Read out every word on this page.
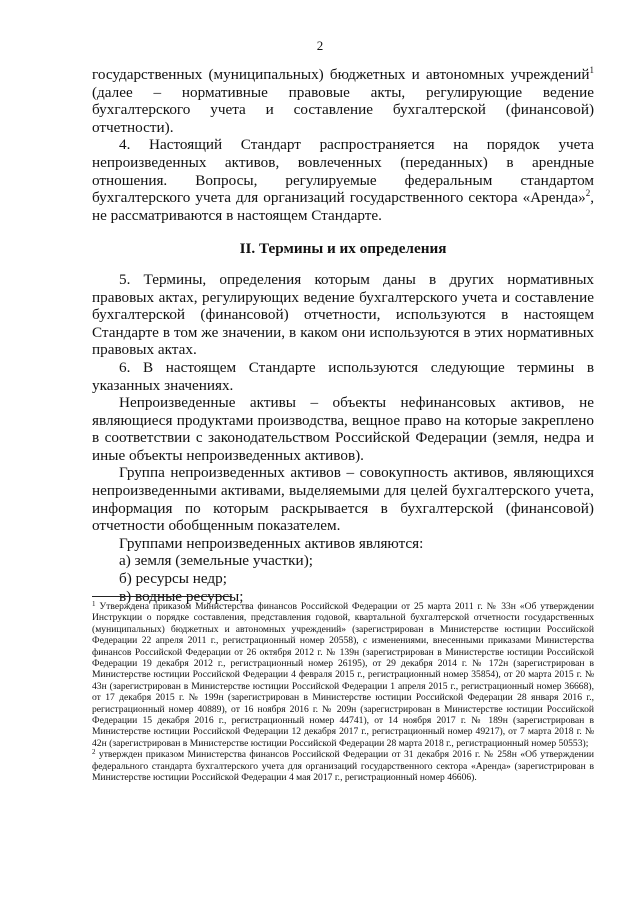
2

государственных (муниципальных) бюджетных и автономных учреждений$^1$ (далее – нормативные правовые акты, регулирующие ведение бухгалтерского учета и составление бухгалтерской (финансовой) отчетности).

4. Настоящий Стандарт распространяется на порядок учета непроизведенных активов, вовлеченных (переданных) в арендные отношения. Вопросы, регулируемые федеральным стандартом бухгалтерского учета для организаций государственного сектора «Аренда»$^2$, не рассматриваются в настоящем Стандарте.

II. Термины и их определения

5. Термины, определения которым даны в других нормативных правовых актах, регулирующих ведение бухгалтерского учета и составление бухгалтерской (финансовой) отчетности, используются в настоящем Стандарте в том же значении, в каком они используются в этих нормативных правовых актах.

6. В настоящем Стандарте используются следующие термины в указанных значениях.

Непроизведенные активы – объекты нефинансовых активов, не являющиеся продуктами производства, вещное право на которые закреплено в соответствии с законодательством Российской Федерации (земля, недра и иные объекты непроизведенных активов).

Группа непроизведенных активов – совокупность активов, являющихся непроизведенными активами, выделяемыми для целей бухгалтерского учета, информация по которым раскрывается в бухгалтерской (финансовой) отчетности обобщенным показателем.

Группами непроизведенных активов являются:

а) земля (земельные участки);

б) ресурсы недр;

в) водные ресурсы;

$^1$ Утверждена приказом Министерства финансов Российской Федерации от 25 марта 2011 г. № 33н «Об утверждении Инструкции о порядке составления, представления годовой, квартальной бухгалтерской отчетности государственных (муниципальных) бюджетных и автономных учреждений» (зарегистрирован в Министерстве юстиции Российской Федерации 22 апреля 2011 г., регистрационный номер 20558), с изменениями, внесенными приказами Министерства финансов Российской Федерации от 26 октября 2012 г. № 139н (зарегистрирован в Министерстве юстиции Российской Федерации 19 декабря 2012 г., регистрационный номер 26195), от 29 декабря 2014 г. № 172н (зарегистрирован в Министерстве юстиции Российской Федерации 4 февраля 2015 г., регистрационный номер 35854), от 20 марта 2015 г. № 43н (зарегистрирован в Министерстве юстиции Российской Федерации 1 апреля 2015 г., регистрационный номер 36668), от 17 декабря 2015 г. № 199н (зарегистрирован в Министерстве юстиции Российской Федерации 28 января 2016 г., регистрационный номер 40889), от 16 ноября 2016 г. № 209н (зарегистрирован в Министерстве юстиции Российской Федерации 15 декабря 2016 г., регистрационный номер 44741), от 14 ноября 2017 г. № 189н (зарегистрирован в Министерстве юстиции Российской Федерации 12 декабря 2017 г., регистрационный номер 49217), от 7 марта 2018 г. № 42н (зарегистрирован в Министерстве юстиции Российской Федерации 28 марта 2018 г., регистрационный номер 50553);

$^2$ утвержден приказом Министерства финансов Российской Федерации от 31 декабря 2016 г. № 258н «Об утверждении федерального стандарта бухгалтерского учета для организаций государственного сектора «Аренда» (зарегистрирован в Министерстве юстиции Российской Федерации 4 мая 2017 г., регистрационный номер 46606).
